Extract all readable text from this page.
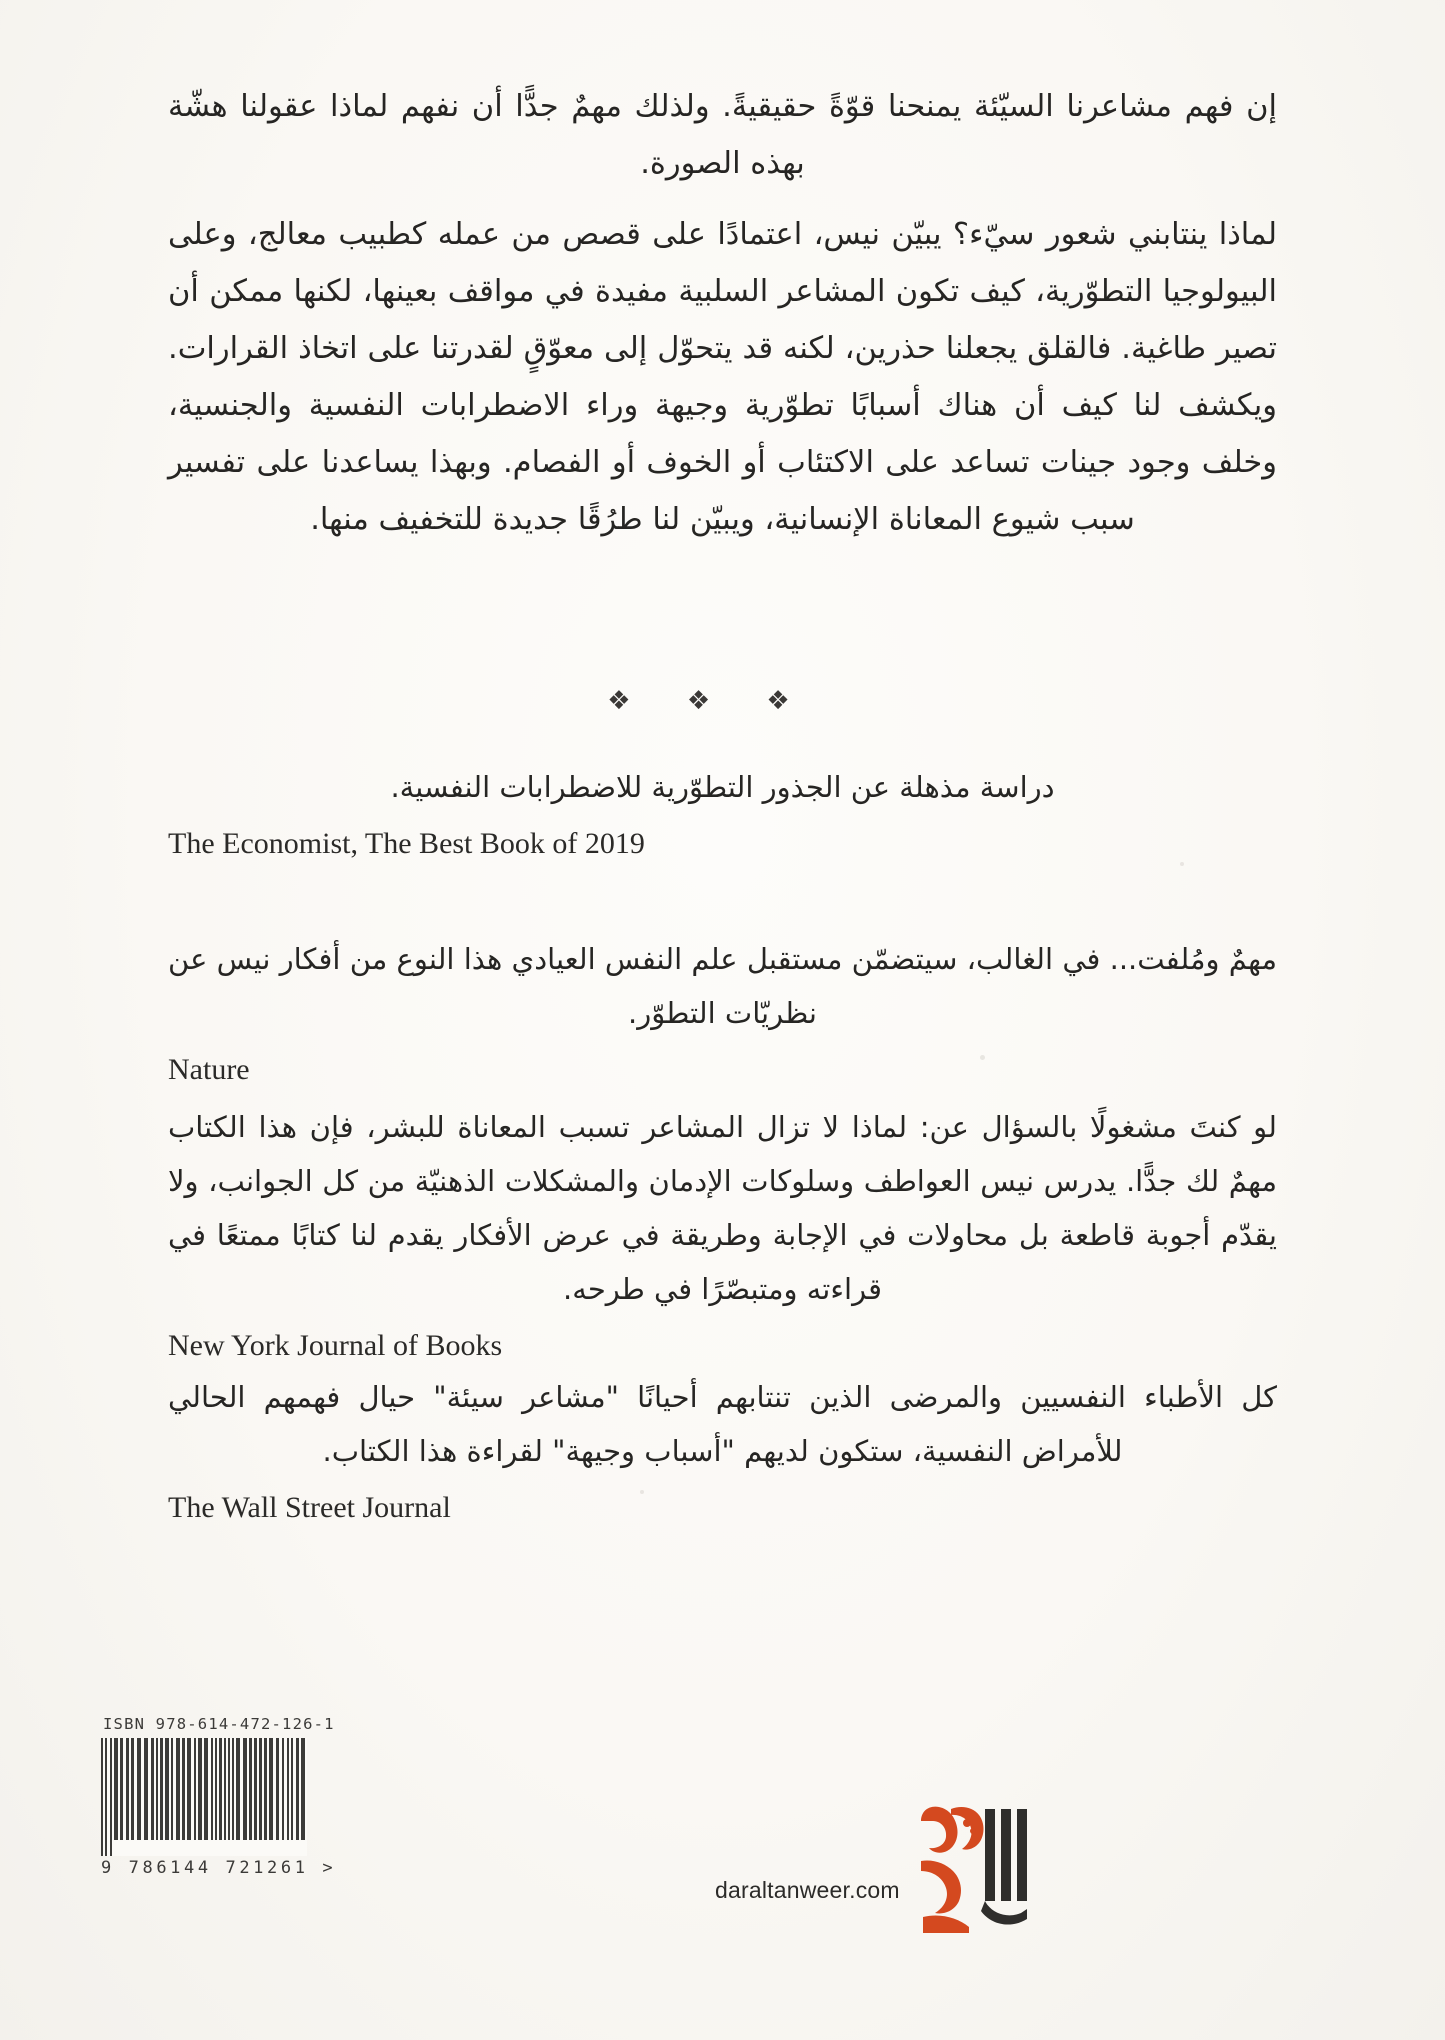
إن فهم مشاعرنا السيّئة يمنحنا قوّةً حقيقيةً. ولذلك مهمٌ جدًّا أن نفهم لماذا عقولنا هشّة بهذه الصورة.

لماذا ينتابني شعور سيّء؟ يبيّن نيس، اعتمادًا على قصص من عمله كطبيب معالج، وعلى البيولوجيا التطوّرية، كيف تكون المشاعر السلبية مفيدة في مواقف بعينها، لكنها ممكن أن تصير طاغية. فالقلق يجعلنا حذرين، لكنه قد يتحوّل إلى معوّقٍ لقدرتنا على اتخاذ القرارات. ويكشف لنا كيف أن هناك أسبابًا تطوّرية وجيهة وراء الاضطرابات النفسية والجنسية، وخلف وجود جينات تساعد على الاكتئاب أو الخوف أو الفصام. وبهذا يساعدنا على تفسير سبب شيوع المعاناة الإنسانية، ويبيّن لنا طرُقًا جديدة للتخفيف منها.

❖ ❖ ❖

دراسة مذهلة عن الجذور التطوّرية للاضطرابات النفسية.

The Economist, The Best Book of 2019

مهمٌ ومُلفت... في الغالب، سيتضمّن مستقبل علم النفس العيادي هذا النوع من أفكار نيس عن نظريّات التطوّر.

Nature

لو كنتَ مشغولًا بالسؤال عن: لماذا لا تزال المشاعر تسبب المعاناة للبشر، فإن هذا الكتاب مهمٌ لك جدًّا. يدرس نيس العواطف وسلوكات الإدمان والمشكلات الذهنيّة من كل الجوانب، ولا يقدّم أجوبة قاطعة بل محاولات في الإجابة وطريقة في عرض الأفكار يقدم لنا كتابًا ممتعًا في قراءته ومتبصّرًا في طرحه.

New York Journal of Books

كل الأطباء النفسيين والمرضى الذين تنتابهم أحيانًا "مشاعر سيئة" حيال فهمهم الحالي للأمراض النفسية، ستكون لديهم "أسباب وجيهة" لقراءة هذا الكتاب.

The Wall Street Journal

ISBN 978-614-472-126-1
9 786144 721261 >
daraltanweer.com
